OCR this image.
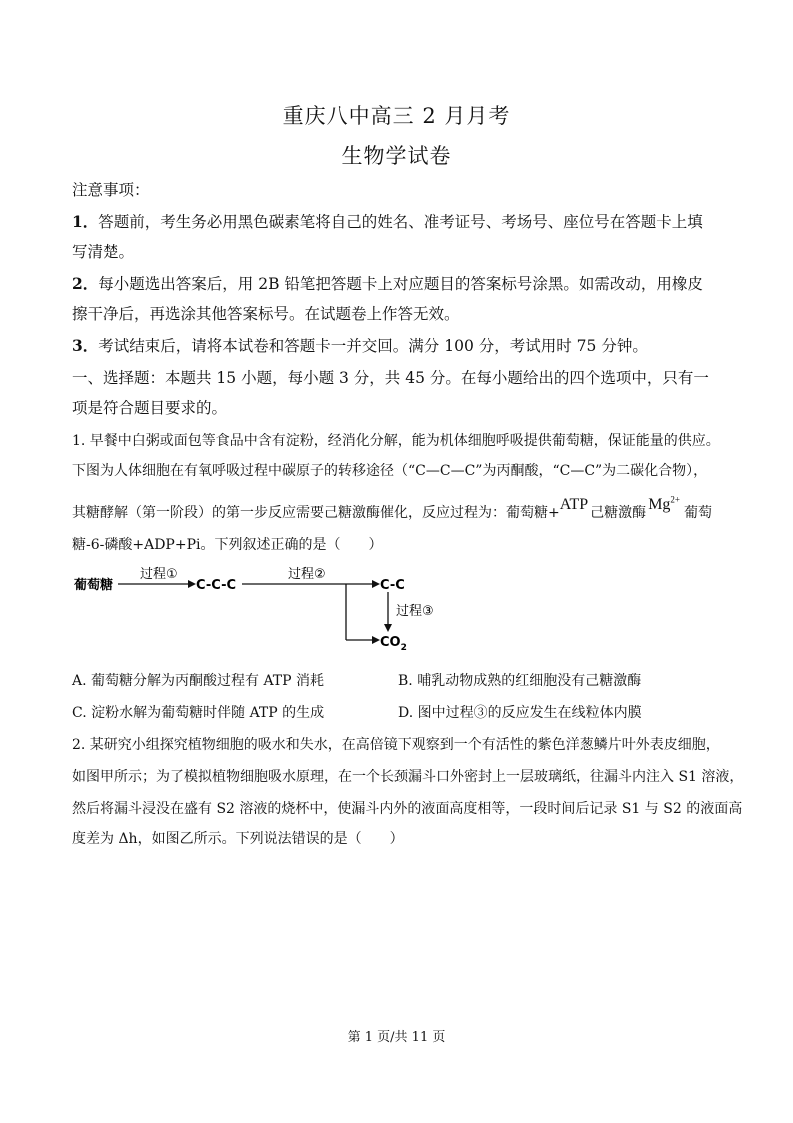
重庆八中高三 2 月月考
生物学试卷
注意事项：
1．答题前，考生务必用黑色碳素笔将自己的姓名、准考证号、考场号、座位号在答题卡上填
写清楚。
2．每小题选出答案后，用 2B 铅笔把答题卡上对应题目的答案标号涂黑。如需改动，用橡皮
擦干净后，再选涂其他答案标号。在试题卷上作答无效。
3．考试结束后，请将本试卷和答题卡一并交回。满分 100 分，考试用时 75 分钟。
一、选择题：本题共 15 小题，每小题 3 分，共 45 分。在每小题给出的四个选项中，只有一
项是符合题目要求的。
1. 早餐中白粥或面包等食品中含有淀粉，经消化分解，能为机体细胞呼吸提供葡萄糖，保证能量的供应。
下图为人体细胞在有氧呼吸过程中碳原子的转移途径（“C—C—C”为丙酮酸，“C—C”为二碳化合物），
其糖酵解（第一阶段）的第一步反应需要己糖激酶催化，反应过程为：葡萄糖+ATP 己糖激酶 $Mg^{2+}$葡萄
糖-6-磷酸+ADP+Pi。下列叙述正确的是（　　）
葡萄糖
过程①
C-C-C
过程②
C-C
过程③
$CO_2$
A. 葡萄糖分解为丙酮酸过程有 ATP 消耗	B. 哺乳动物成熟的红细胞没有己糖激酶
C. 淀粉水解为葡萄糖时伴随 ATP 的生成	D. 图中过程③的反应发生在线粒体内膜
2. 某研究小组探究植物细胞的吸水和失水，在高倍镜下观察到一个有活性的紫色洋葱鳞片叶外表皮细胞，
如图甲所示；为了模拟植物细胞吸水原理，在一个长颈漏斗口外密封上一层玻璃纸，往漏斗内注入 S1 溶液，
然后将漏斗浸没在盛有 S2 溶液的烧杯中，使漏斗内外的液面高度相等，一段时间后记录 S1 与 S2 的液面高
度差为 Δh，如图乙所示。下列说法错误的是（　　）
第 1 页/共 11 页
